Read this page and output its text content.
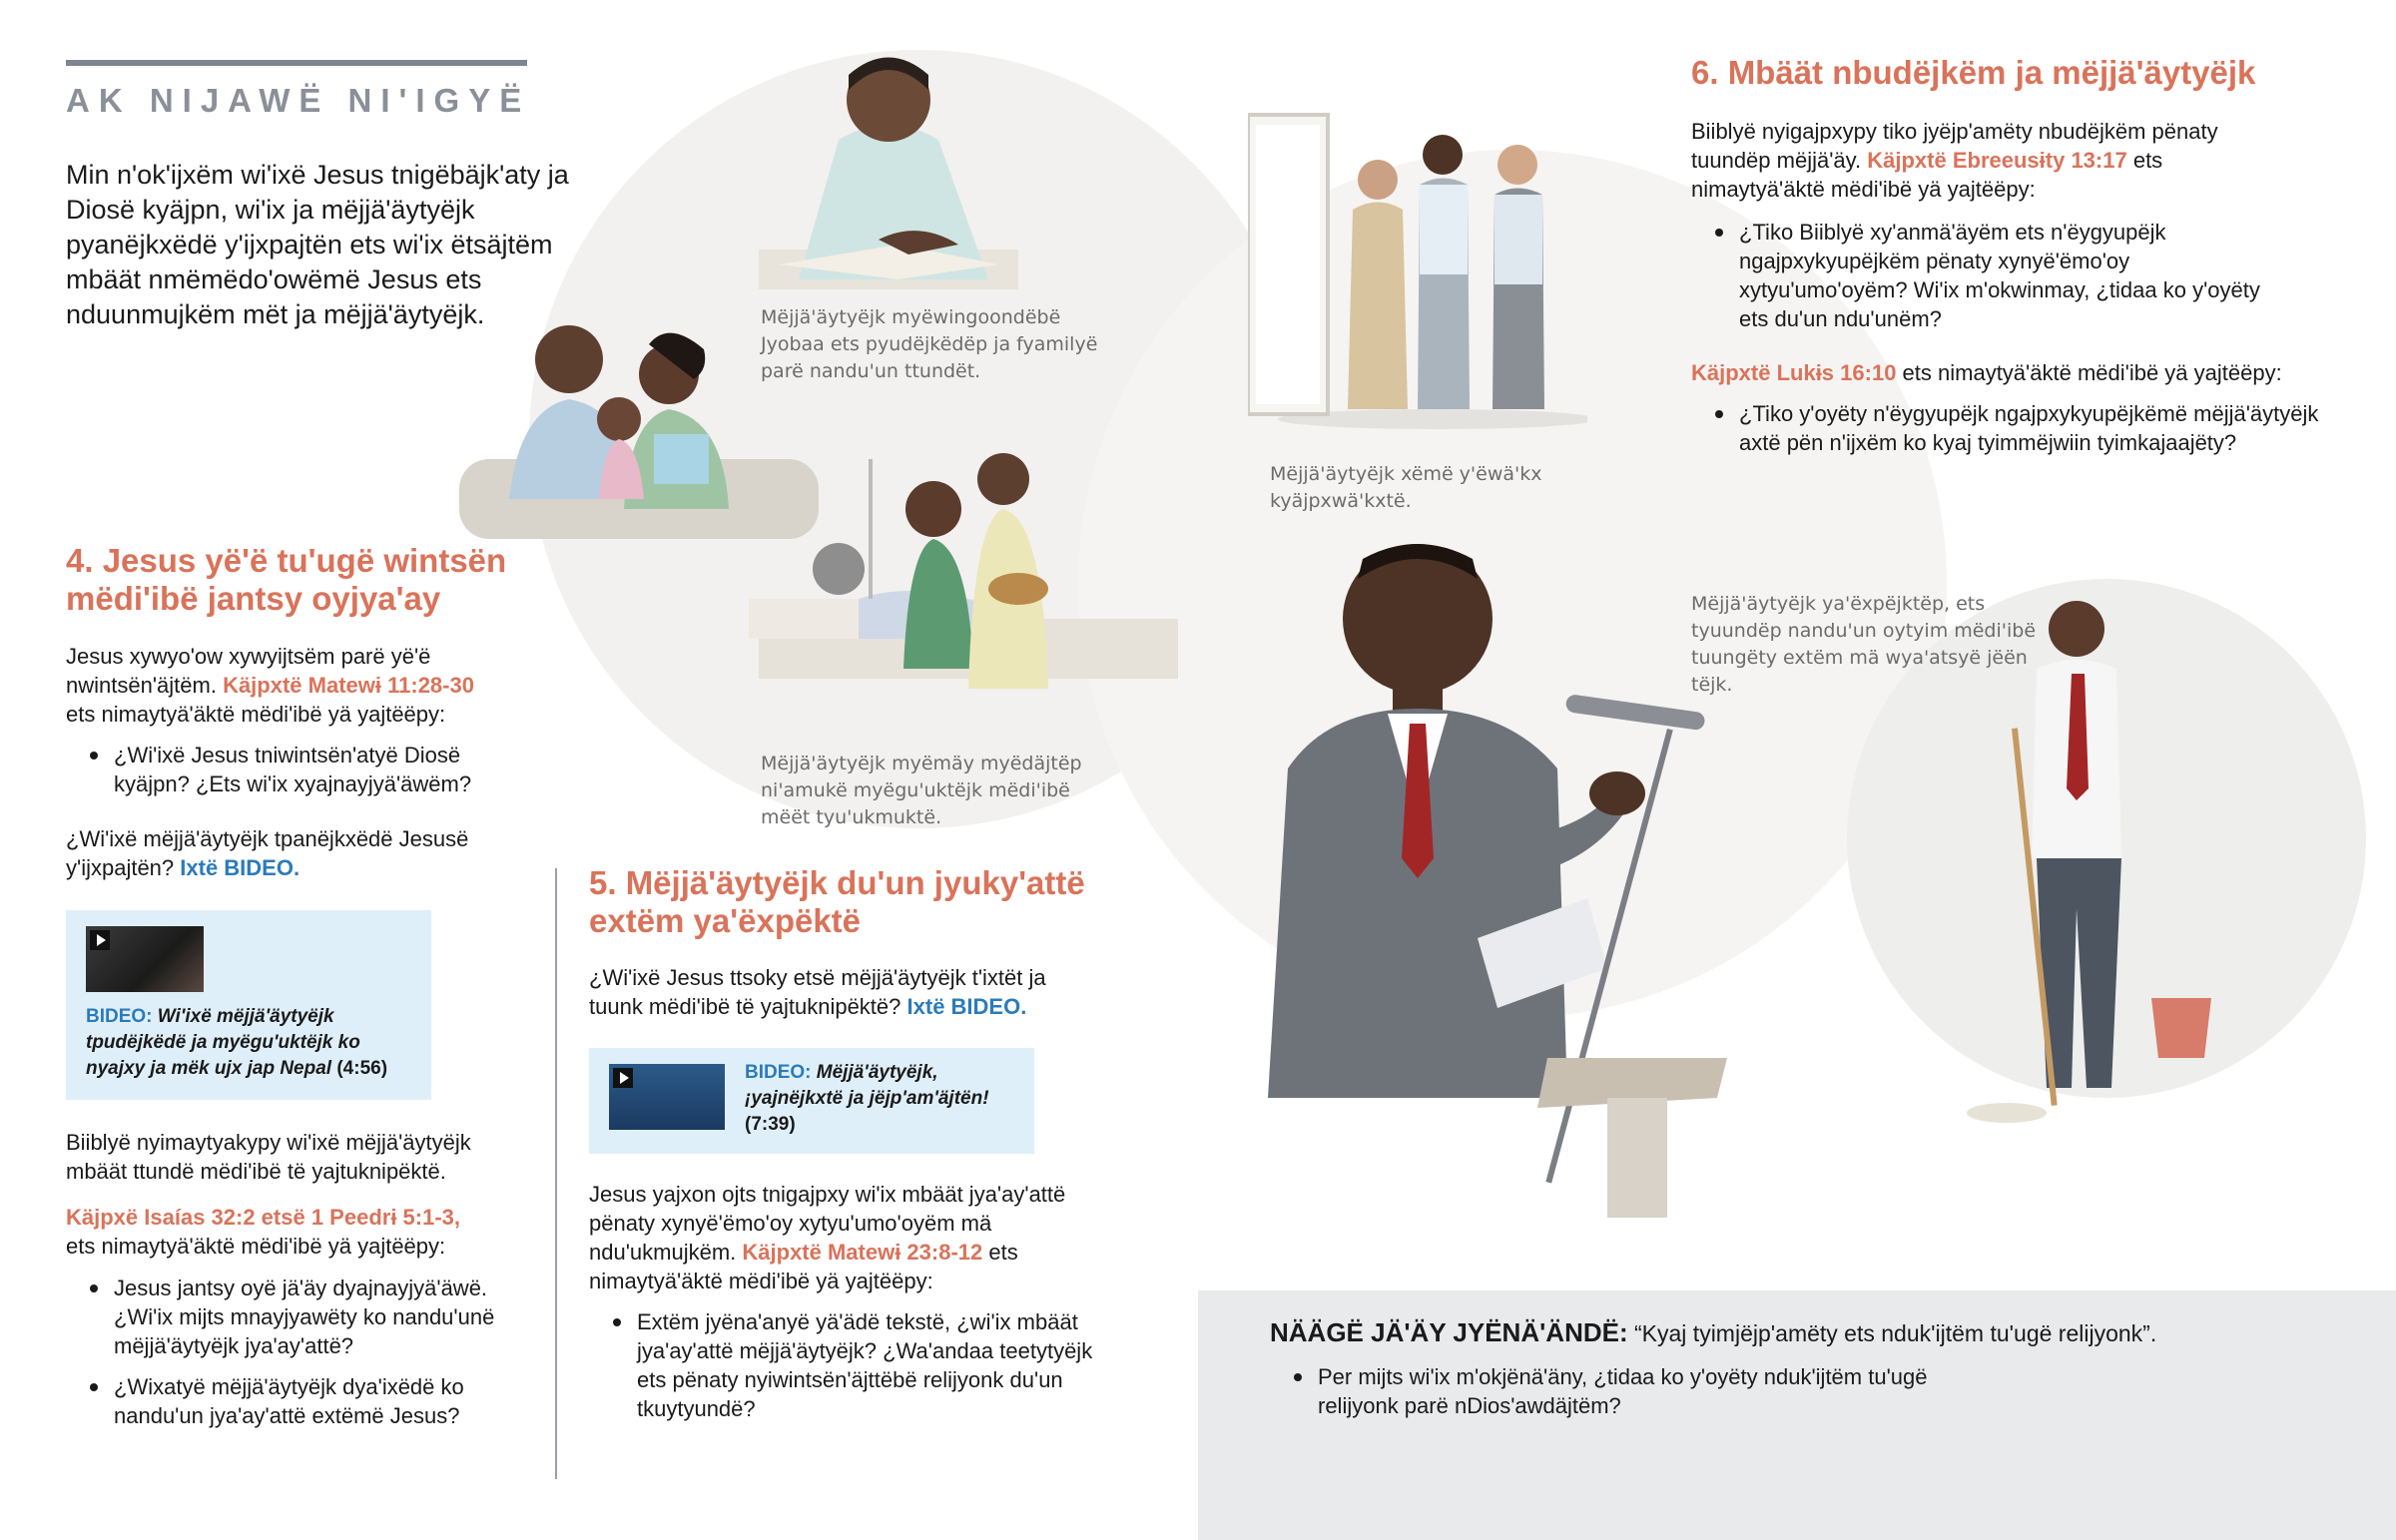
AK NIJAWË NI'IGYË
Min n'ok'ijxëm wi'ixë Jesus tnigëbäjk'aty ja Diosë kyäjpn, wi'ix ja mëjjä'äytyëjk pyanëjkxëdë y'ijxpajtën ets wi'ix ëtsäjtëm mbäät nmëmëdo'owëmë Jesus ets nduunmujkëm mët ja mëjjä'äytyëjk.	Mëjjä'äytyëjk myëwingoondëbë Jyobaa ets pyudëjkëdëp ja fyamilyë parë nandu'un ttundët.
Mëjjä'äytyëjk myëmäy myëdäjtëp ni'amukë myëgu'uktëjk mëdi'ibë mëët tyu'ukmuktë.
Mëjjä'äytyëjk xëmë y'ëwä'kx kyäjpxwä'kxtë.
Mëjjä'äytyëjk ya'ëxpëjktëp, ets tyuundëp nandu'un oytyim mëdi'ibë tuungëty extëm mä wya'atsyë jëën tëjk.
4. Jesus yë'ë tu'ugë wintsën mëdi'ibë jantsy oyjya'ay
Jesus xywyo'ow xywyijtsëm parë yë'ë nwintsën'äjtëm. Käjpxtë Matewɨ 11:28-30 ets nimaytyä'äktë mëdi'ibë yä yajtëëpy:
¿Wi'ixë Jesus tniwintsën'atyë Diosë kyäjpn? ¿Ets wi'ix xyajnayjyä'äwëm?
¿Wi'ixë mëjjä'äytyëjk tpanëjkxëdë Jesusë y'ijxpajtën? Ixtë BIDEO.
BIDEO: Wi'ixë mëjjä'äytyëjk tpudëjkëdë ja myëgu'uktëjk ko nyajxy ja mëk ujx jap Nepal (4:56)
Biiblyë nyimaytyakypy wi'ixë mëjjä'äytyëjk mbäät ttundë mëdi'ibë të yajtuknipëktë.
Käjpxë Isaías 32:2 etsë 1 Peedrɨ 5:1-3,
ets nimaytyä'äktë mëdi'ibë yä yajtëëpy:
Jesus jantsy oyë jä'äy dyajnayjyä'äwë. ¿Wi'ix mijts mnayjyawëty ko nandu'unë mëjjä'äytyëjk jya'ay'attë?
¿Wixatyë mëjjä'äytyëjk dya'ixëdë ko nandu'un jya'ay'attë extëmë Jesus?
5. Mëjjä'äytyëjk du'un jyuky'attë extëm ya'ëxpëktë
¿Wi'ixë Jesus ttsoky etsë mëjjä'äytyëjk t'ixtët ja tuunk mëdi'ibë të yajtuknipëktë? Ixtë BIDEO.
BIDEO: Mëjjä'äytyëjk, ¡yajnëjkxtë ja jëjp'am'äjtën!
(7:39)
Jesus yajxon ojts tnigajpxy wi'ix mbäät jya'ay'attë pënaty xynyë'ëmo'oy xytyu'umo'oyëm mä ndu'ukmujkëm. Käjpxtë Matewɨ 23:8-12 ets nimaytyä'äktë mëdi'ibë yä yajtëëpy:
Extëm jyëna'anyë yä'ädë tekstë, ¿wi'ix mbäät jya'ay'attë mëjjä'äytyëjk? ¿Wa'andaa teetytyëjk ets pënaty nyiwintsën'äjttëbë relijyonk du'un tkuytyundë?
6. Mbäät nbudëjkëm ja mëjjä'äytyëjk
Biiblyë nyigajpxypy tiko jyëjp'amëty nbudëjkëm pënaty tuundëp mëjjä'äy. Käjpxtë Ebreeusɨty 13:17 ets nimaytyä'äktë mëdi'ibë yä yajtëëpy:
¿Tiko Biiblyë xy'anmä'äyëm ets n'ëygyupëjk ngajpxykyupëjkëm pënaty xynyë'ëmo'oy xytyu'umo'oyëm? Wi'ix m'okwinmay, ¿tidaa ko y'oyëty ets du'un ndu'unëm?
Käjpxtë Lukɨs 16:10 ets nimaytyä'äktë mëdi'ibë yä yajtëëpy:
¿Tiko y'oyëty n'ëygyupëjk ngajpxykyupëjkëmë mëjjä'äytyëjk axtë pën n'ijxëm ko kyaj tyimmëjwiin tyimkajaajëty?
NÄÄGË JÄ'ÄY JYËNÄ'ÄNDË: “Kyaj tyimjëjp'amëty ets nduk'ijtëm tu'ugë relijyonk”.
Per mijts wi'ix m'okjënä'äny, ¿tidaa ko y'oyëty nduk'ijtëm tu'ugë relijyonk parë nDios'awdäjtëm?
